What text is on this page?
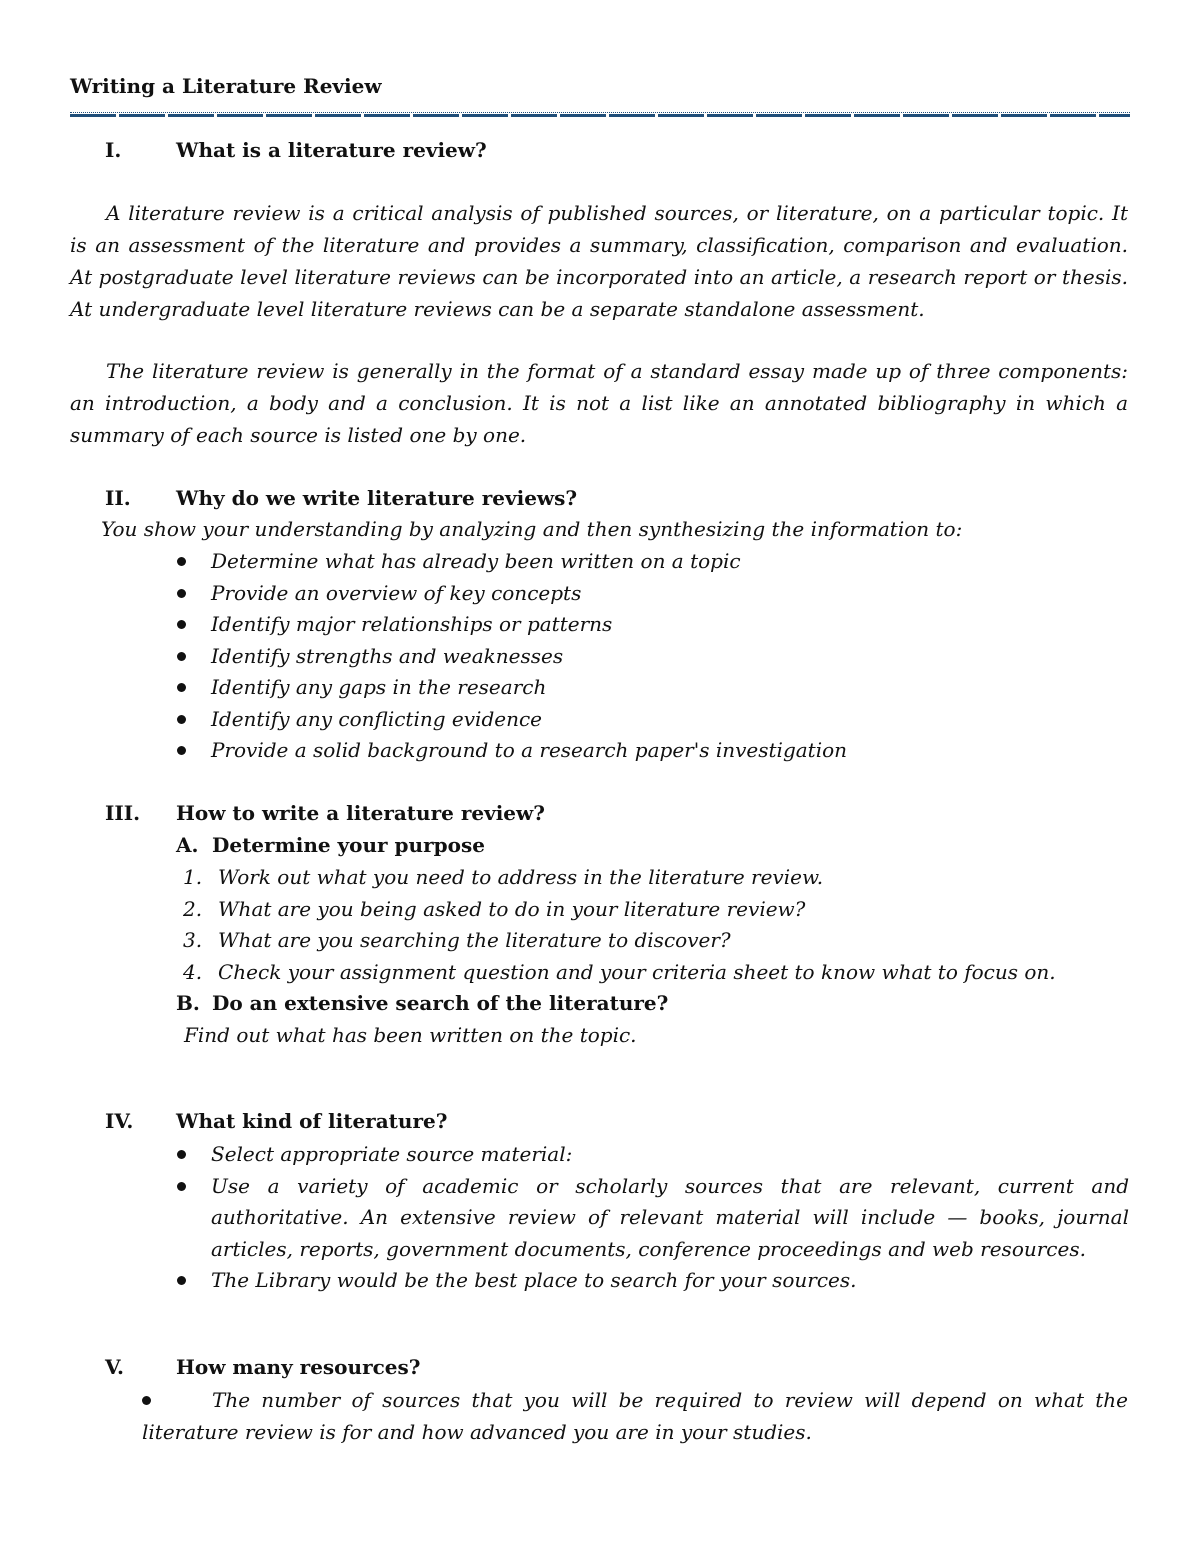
Writing a Literature Review
I.	What is a literature review?
A literature review is a critical analysis of published sources, or literature, on a particular topic. It is an assessment of the literature and provides a summary, classification, comparison and evaluation. At postgraduate level literature reviews can be incorporated into an article, a research report or thesis. At undergraduate level literature reviews can be a separate standalone assessment.
The literature review is generally in the format of a standard essay made up of three components: an introduction, a body and a conclusion. It is not a list like an annotated bibliography in which a summary of each source is listed one by one.
II. Why do we write literature reviews?
You show your understanding by analyzing and then synthesizing the information to:
Determine what has already been written on a topic
Provide an overview of key concepts
Identify major relationships or patterns
Identify strengths and weaknesses
Identify any gaps in the research
Identify any conflicting evidence
Provide a solid background to a research paper's investigation
III. How to write a literature review?
A. Determine your purpose
1. Work out what you need to address in the literature review.
2. What are you being asked to do in your literature review?
3. What are you searching the literature to discover?
4. Check your assignment question and your criteria sheet to know what to focus on.
B. Do an extensive search of the literature?
Find out what has been written on the topic.
IV. What kind of literature?
Select appropriate source material:
Use a variety of academic or scholarly sources that are relevant, current and authoritative. An extensive review of relevant material will include — books, journal articles, reports, government documents, conference proceedings and web resources.
The Library would be the best place to search for your sources.
V.	How many resources?
The number of sources that you will be required to review will depend on what the literature review is for and how advanced you are in your studies.
